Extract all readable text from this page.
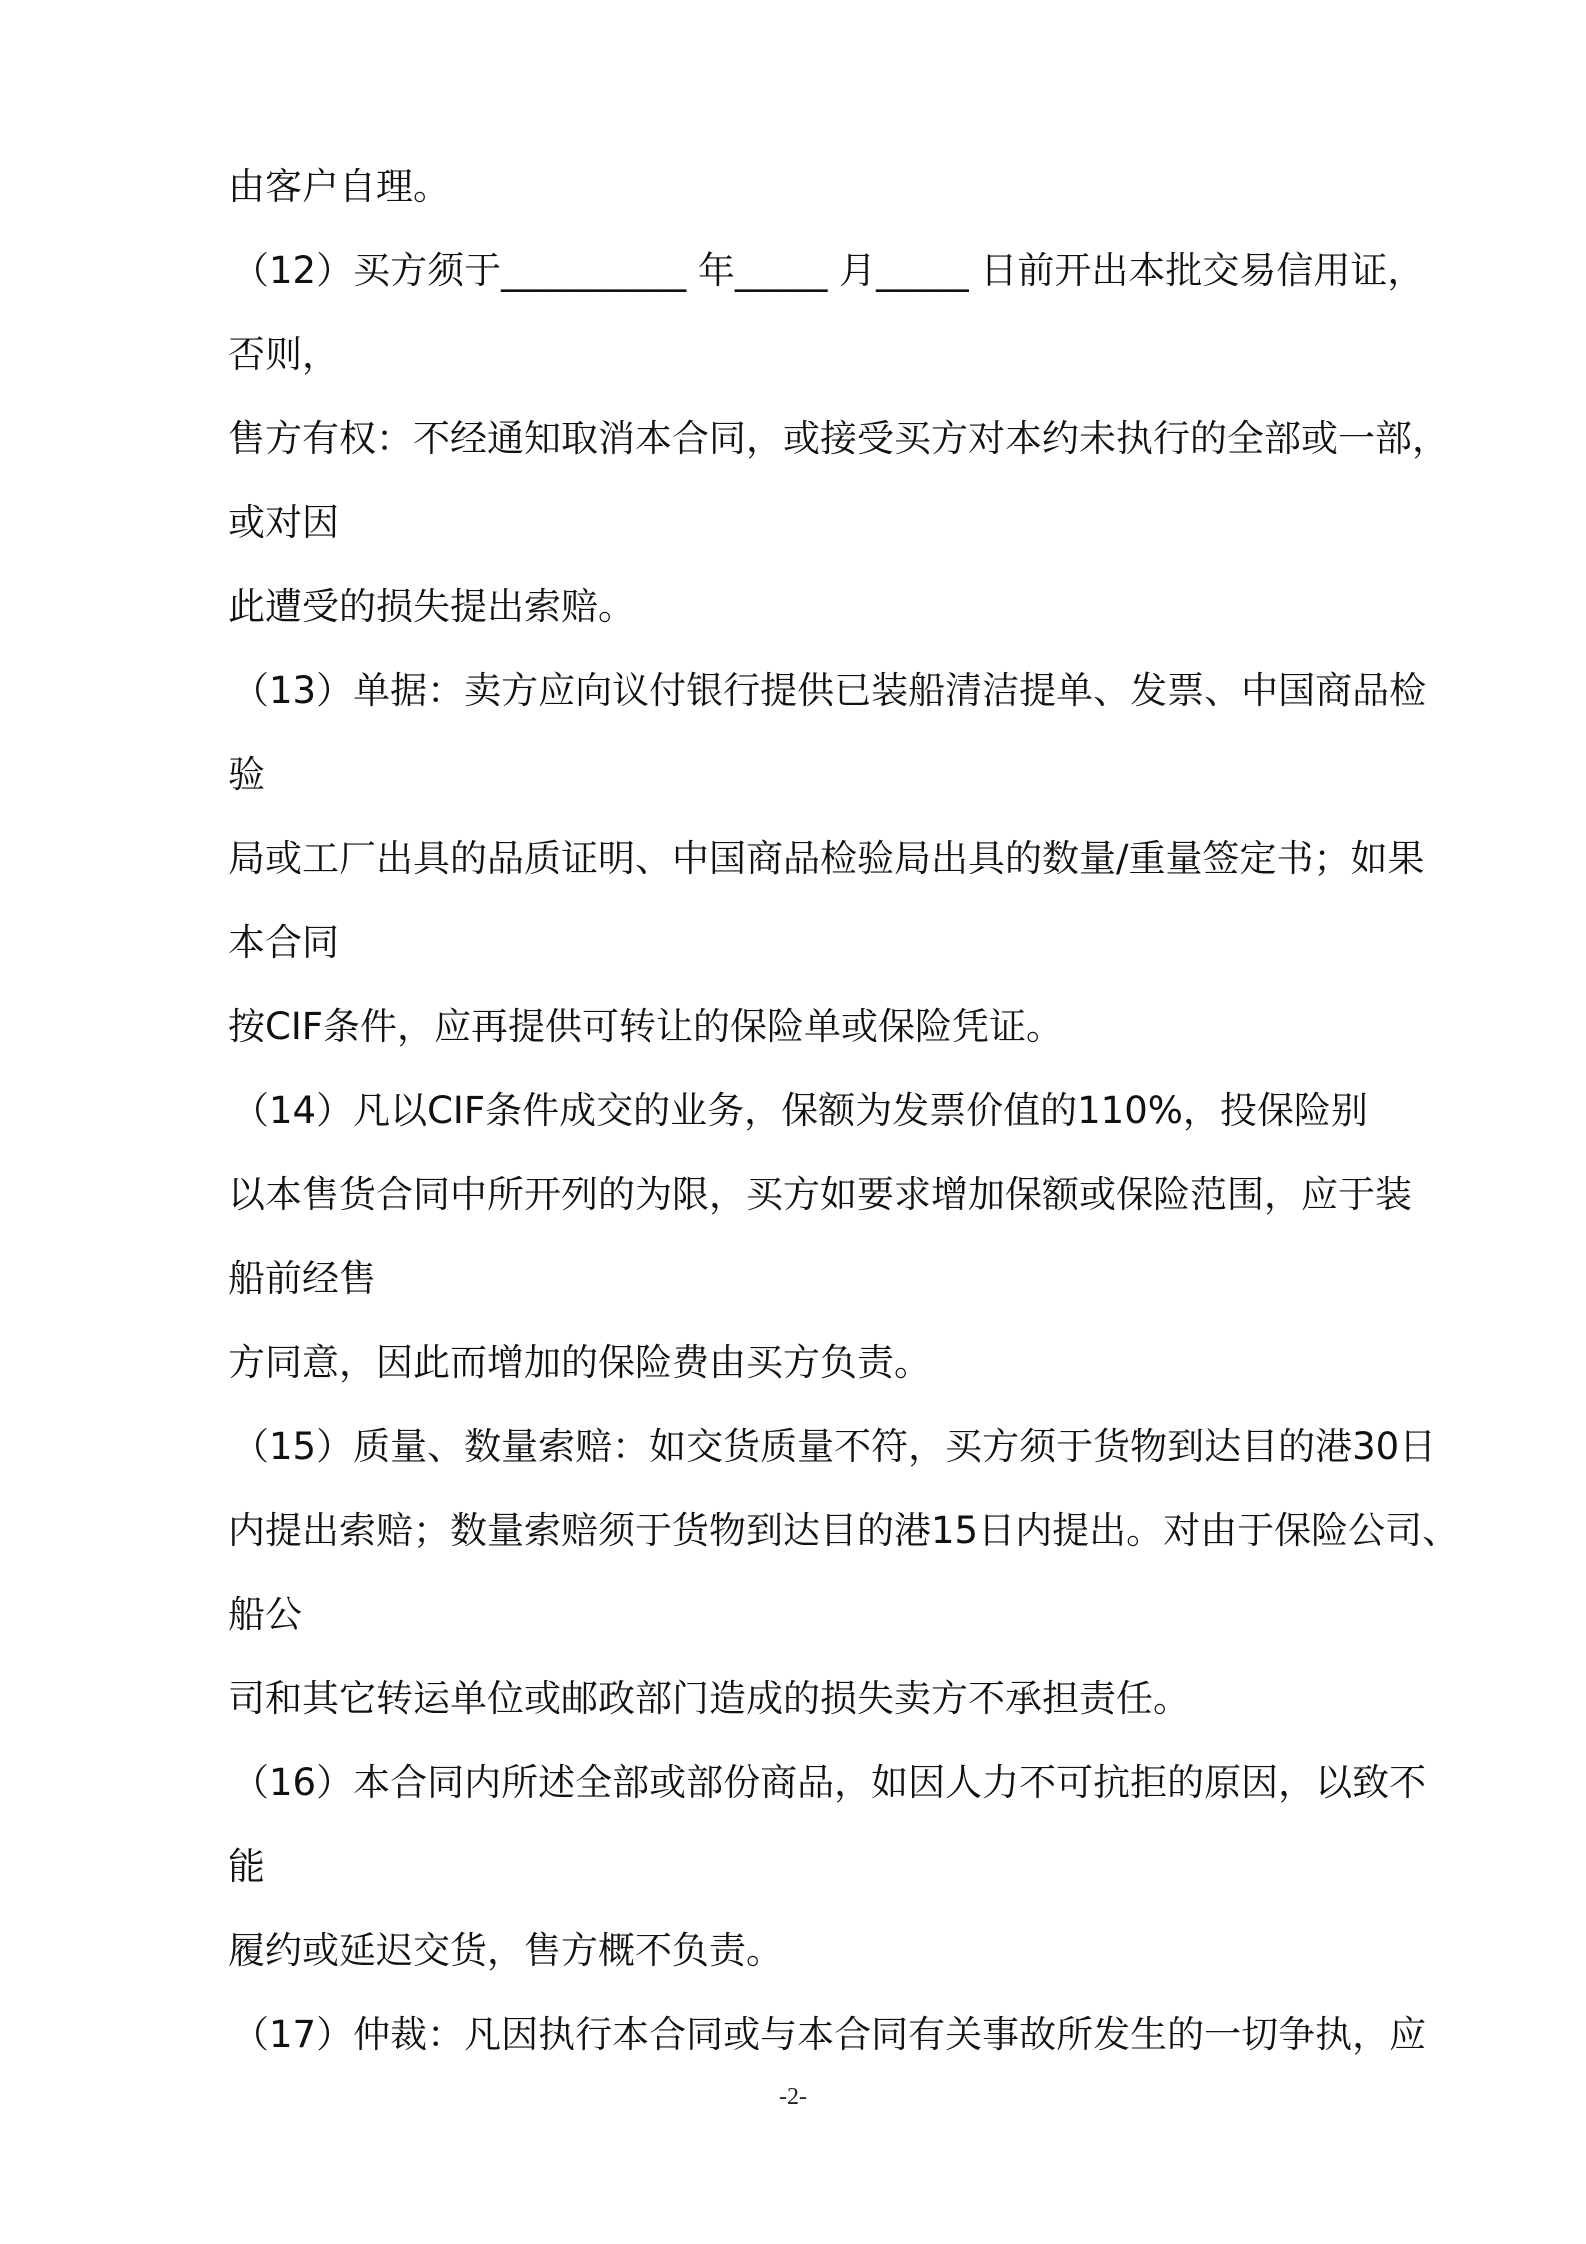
由客户自理。
（12）买方须于__________ 年_____ 月_____ 日前开出本批交易信用证，
否则，
售方有权：不经通知取消本合同，或接受买方对本约未执行的全部或一部，
或对因
此遭受的损失提出索赔。
（13）单据：卖方应向议付银行提供已装船清洁提单、发票、中国商品检
验
局或工厂出具的品质证明、中国商品检验局出具的数量/重量签定书；如果
本合同
按CIF条件，应再提供可转让的保险单或保险凭证。
（14）凡以CIF条件成交的业务，保额为发票价值的110%，投保险别
以本售货合同中所开列的为限，买方如要求增加保额或保险范围，应于装
船前经售
方同意，因此而增加的保险费由买方负责。
（15）质量、数量索赔：如交货质量不符，买方须于货物到达目的港30日
内提出索赔；数量索赔须于货物到达目的港15日内提出。对由于保险公司、
船公
司和其它转运单位或邮政部门造成的损失卖方不承担责任。
（16）本合同内所述全部或部份商品，如因人力不可抗拒的原因，以致不
能
履约或延迟交货，售方概不负责。
（17）仲裁：凡因执行本合同或与本合同有关事故所发生的一切争执，应
-2-
